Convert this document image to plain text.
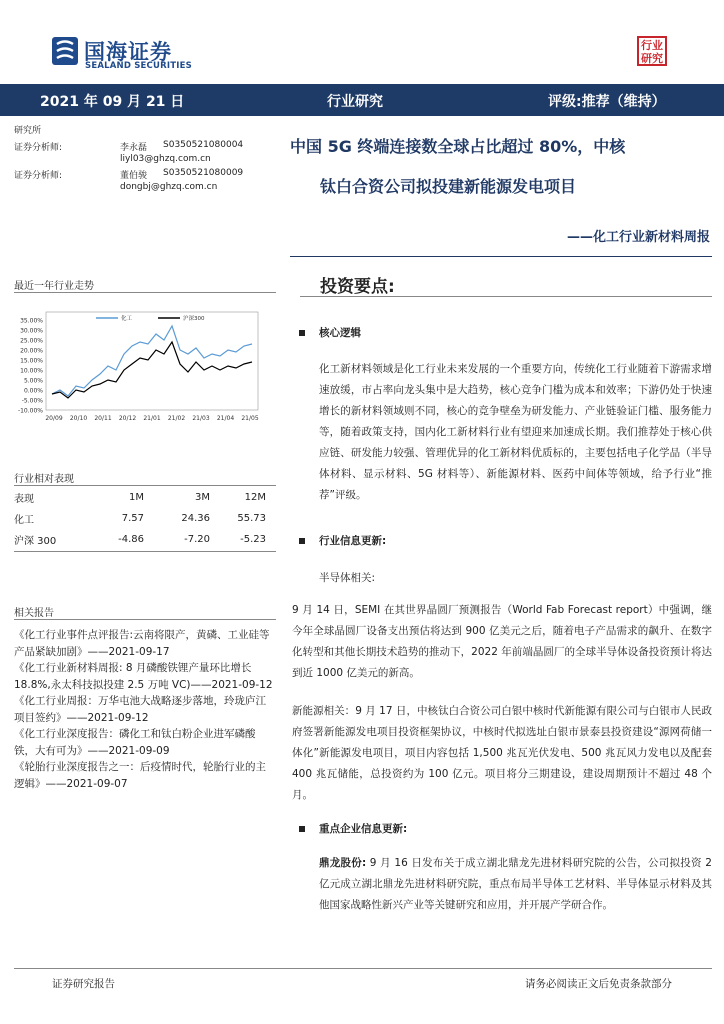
国海证券
SEALAND SECURITIES
行业
研究
2021 年 09 月 21 日	行业研究	评级:推荐（维持）
研究所
证券分析师:
证券分析师:
李永磊 S0350521080004
liyl03@ghzq.com.cn
董伯骏 S0350521080009
dongbj@ghzq.com.cn
中国 5G 终端连接数全球占比超过 80%，中核
钛白合资公司拟投建新能源发电项目
——化工行业新材料周报
最近一年行业走势
35.00%
30.00%
25.00%
20.00%
15.00%
10.00%
5.00%
0.00%
-5.00%
-10.00%
20/09 20/10 20/11 20/12 21/01 21/02 21/03 21/04 21/05
化工	沪深300
行业相对表现
表现	1M	3M	12M
化工	7.57	24.36	55.73
沪深 300	-4.86	-7.20	-5.23
相关报告

《化工行业事件点评报告:云南将限产，黄磷、工业硅等产品紧缺加剧》——2021-09-17

《化工行业新材料周报: 8 月磷酸铁锂产量环比增长 18.8%,永太科技拟投建 2.5 万吨 VC)——2021-09-12

《化工行业周报：万华屯池大战略逐步落地，玲珑庐江项目签约》——2021-09-12

《化工行业深度报告：磷化工和钛白粉企业进军磷酸铁，大有可为》——2021-09-09

《轮胎行业深度报告之一：后疫情时代，轮胎行业的主逻辑》——2021-09-07

投资要点:
核心逻辑

化工新材料领域是化工行业未来发展的一个重要方向，传统化工行业随着下游需求增速放缓，市占率向龙头集中是大趋势，核心竞争门槛为成本和效率；下游仍处于快速增长的新材料领域则不同，核心的竞争壁垒为研发能力、产业链验证门槛、服务能力等，随着政策支持，国内化工新材料行业有望迎来加速成长期。我们推荐处于核心供应链、研发能力较强、管理优异的化工新材料优质标的，主要包括电子化学品（半导体材料、显示材料、5G 材料等）、新能源材料、医药中间体等领域，给予行业“推荐”评级。

行业信息更新:

半导体相关:

9 月 14 日，SEMI 在其世界晶圆厂预测报告（World Fab Forecast report）中强调，继今年全球晶圆厂设备支出预估将达到 900 亿美元之后，随着电子产品需求的飙升、在数字化转型和其他长期技术趋势的推动下，2022 年前端晶圆厂的全球半导体设备投资预计将达到近 1000 亿美元的新高。

新能源相关：9 月 17 日，中核钛白合资公司白银中核时代新能源有限公司与白银市人民政府签署新能源发电项目投资框架协议，中核时代拟选址白银市景泰县投资建设“源网荷储一体化”新能源发电项目，项目内容包括 1,500 兆瓦光伏发电、500 兆瓦风力发电以及配套 400 兆瓦储能，总投资约为 100 亿元。项目将分三期建设，建设周期预计不超过 48 个月。

重点企业信息更新:

鼎龙股份: 9 月 16 日发布关于成立湖北鼎龙先进材料研究院的公告，公司拟投资 2 亿元成立湖北鼎龙先进材料研究院，重点布局半导体工艺材料、半导体显示材料及其他国家战略性新兴产业等关键研究和应用，并开展产学研合作。

证券研究报告	请务必阅读正文后免责条款部分
